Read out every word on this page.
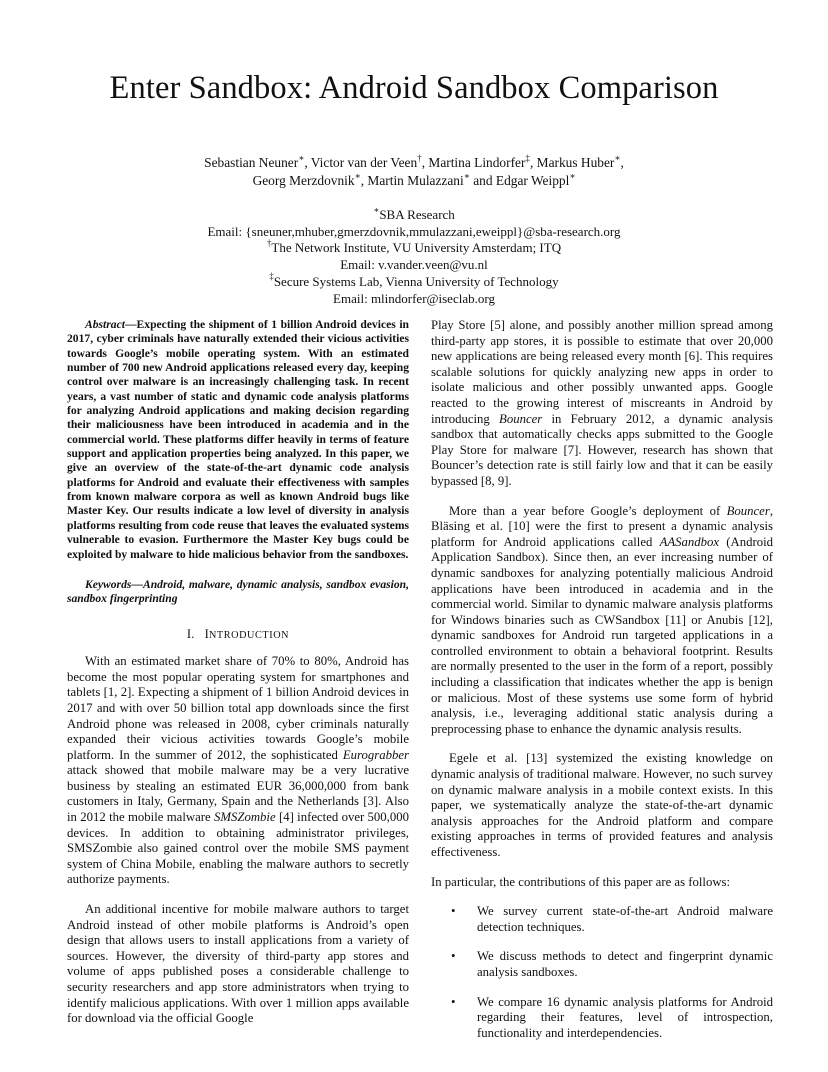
Enter Sandbox: Android Sandbox Comparison
Sebastian Neuner∗, Victor van der Veen†, Martina Lindorfer‡, Markus Huber∗,
Georg Merzdovnik∗, Martin Mulazzani∗ and Edgar Weippl∗
∗SBA Research
Email: {sneuner,mhuber,gmerzdovnik,mmulazzani,eweippl}@sba-research.org
†The Network Institute, VU University Amsterdam; ITQ
Email: v.vander.veen@vu.nl
‡Secure Systems Lab, Vienna University of Technology
Email: mlindorfer@iseclab.org

Abstract—Expecting the shipment of 1 billion Android devices in 2017, cyber criminals have naturally extended their vicious activities towards Google’s mobile operating system. With an estimated number of 700 new Android applications released every day, keeping control over malware is an increasingly challenging task. In recent years, a vast number of static and dynamic code analysis platforms for analyzing Android applications and making decision regarding their maliciousness have been introduced in academia and in the commercial world. These platforms differ heavily in terms of feature support and application properties being analyzed. In this paper, we give an overview of the state-of-the-art dynamic code analysis platforms for Android and evaluate their effectiveness with samples from known malware corpora as well as known Android bugs like Master Key. Our results indicate a low level of diversity in analysis platforms resulting from code reuse that leaves the evaluated systems vulnerable to evasion. Furthermore the Master Key bugs could be exploited by malware to hide malicious behavior from the sandboxes.

Keywords—Android, malware, dynamic analysis, sandbox evasion, sandbox fingerprinting

I. INTRODUCTION

With an estimated market share of 70% to 80%, Android has become the most popular operating system for smartphones and tablets [1, 2]. Expecting a shipment of 1 billion Android devices in 2017 and with over 50 billion total app downloads since the first Android phone was released in 2008, cyber criminals naturally expanded their vicious activities towards Google’s mobile platform. In the summer of 2012, the sophisticated Eurograbber attack showed that mobile malware may be a very lucrative business by stealing an estimated EUR 36,000,000 from bank customers in Italy, Germany, Spain and the Netherlands [3]. Also in 2012 the mobile malware SMSZombie [4] infected over 500,000 devices. In addition to obtaining administrator privileges, SMSZombie also gained control over the mobile SMS payment system of China Mobile, enabling the malware authors to secretly authorize payments.

An additional incentive for mobile malware authors to target Android instead of other mobile platforms is Android’s open design that allows users to install applications from a variety of sources. However, the diversity of third-party app stores and volume of apps published poses a considerable challenge to security researchers and app store administrators when trying to identify malicious applications. With over 1 million apps available for download via the official Google

Play Store [5] alone, and possibly another million spread among third-party app stores, it is possible to estimate that over 20,000 new applications are being released every month [6]. This requires scalable solutions for quickly analyzing new apps in order to isolate malicious and other possibly unwanted apps. Google reacted to the growing interest of miscreants in Android by introducing Bouncer in February 2012, a dynamic analysis sandbox that automatically checks apps submitted to the Google Play Store for malware [7]. However, research has shown that Bouncer’s detection rate is still fairly low and that it can be easily bypassed [8, 9].

More than a year before Google’s deployment of Bouncer, Bläsing et al. [10] were the first to present a dynamic analysis platform for Android applications called AASandbox (Android Application Sandbox). Since then, an ever increasing number of dynamic sandboxes for analyzing potentially malicious Android applications have been introduced in academia and in the commercial world. Similar to dynamic malware analysis platforms for Windows binaries such as CWSandbox [11] or Anubis [12], dynamic sandboxes for Android run targeted applications in a controlled environment to obtain a behavioral footprint. Results are normally presented to the user in the form of a report, possibly including a classification that indicates whether the app is benign or malicious. Most of these systems use some form of hybrid analysis, i.e., leveraging additional static analysis during a preprocessing phase to enhance the dynamic analysis results.

Egele et al. [13] systemized the existing knowledge on dynamic analysis of traditional malware. However, no such survey on dynamic malware analysis in a mobile context exists. In this paper, we systematically analyze the state-of-the-art dynamic analysis approaches for the Android platform and compare existing approaches in terms of provided features and analysis effectiveness.

In particular, the contributions of this paper are as follows:

• We survey current state-of-the-art Android malware detection techniques.
• We discuss methods to detect and fingerprint dynamic analysis sandboxes.
• We compare 16 dynamic analysis platforms for Android regarding their features, level of introspection, functionality and interdependencies.
